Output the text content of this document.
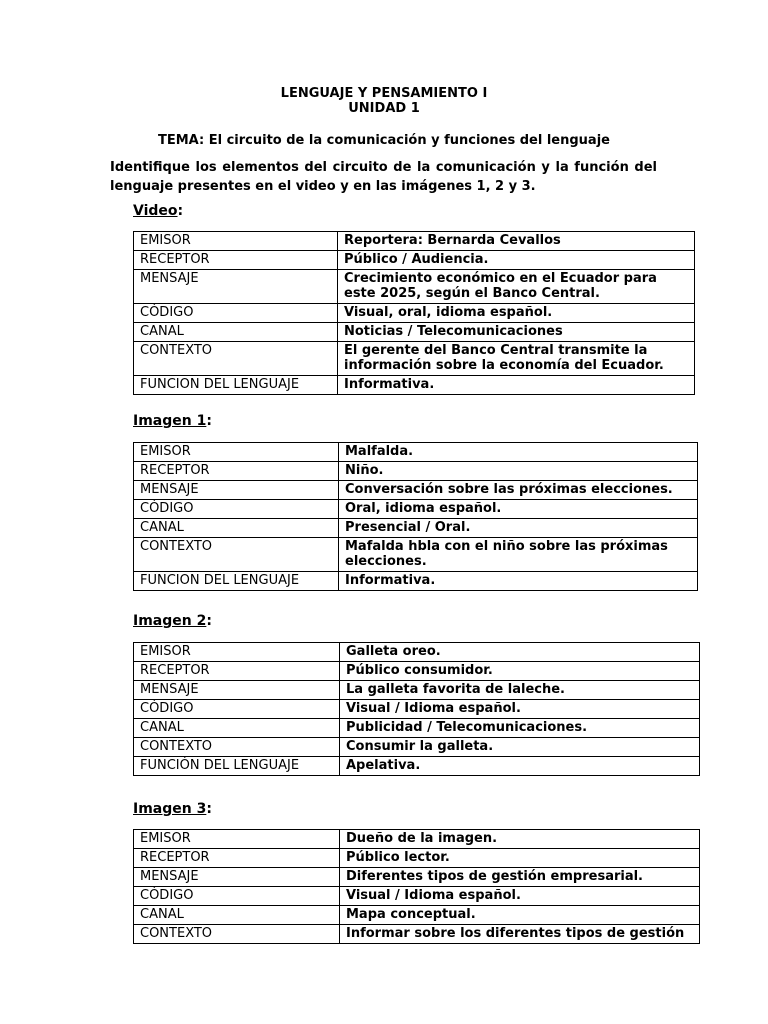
LENGUAJE Y PENSAMIENTO I
UNIDAD 1
TEMA: El circuito de la comunicación y funciones del lenguaje
Identifique los elementos del circuito de la comunicación y la función del lenguaje presentes en el video y en las imágenes 1, 2 y 3.
Video:
EMISOR	Reportera: Bernarda Cevallos
RECEPTOR	Público / Audiencia.
MENSAJE	Crecimiento económico en el Ecuador para este 2025, según el Banco Central.
CÓDIGO	Visual, oral, idioma español.
CANAL	Noticias / Telecomunicaciones
CONTEXTO	El gerente del Banco Central transmite la información sobre la economía del Ecuador.
FUNCION DEL LENGUAJE	Informativa.
Imagen 1:
EMISOR	Malfalda.
RECEPTOR	Niño.
MENSAJE	Conversación sobre las próximas elecciones.
CÓDIGO	Oral, idioma español.
CANAL	Presencial / Oral.
CONTEXTO	Mafalda hbla con el niño sobre las próximas elecciones.
FUNCION DEL LENGUAJE	Informativa.
Imagen 2:
EMISOR	Galleta oreo.
RECEPTOR	Público consumidor.
MENSAJE	La galleta favorita de laleche.
CÓDIGO	Visual / Idioma español.
CANAL	Publicidad / Telecomunicaciones.
CONTEXTO	Consumir la galleta.
FUNCIÓN DEL LENGUAJE	Apelativa.
Imagen 3:
EMISOR	Dueño de la imagen.
RECEPTOR	Público lector.
MENSAJE	Diferentes tipos de gestión empresarial.
CÓDIGO	Visual / Idioma español.
CANAL	Mapa conceptual.
CONTEXTO	Informar sobre los diferentes tipos de gestión
